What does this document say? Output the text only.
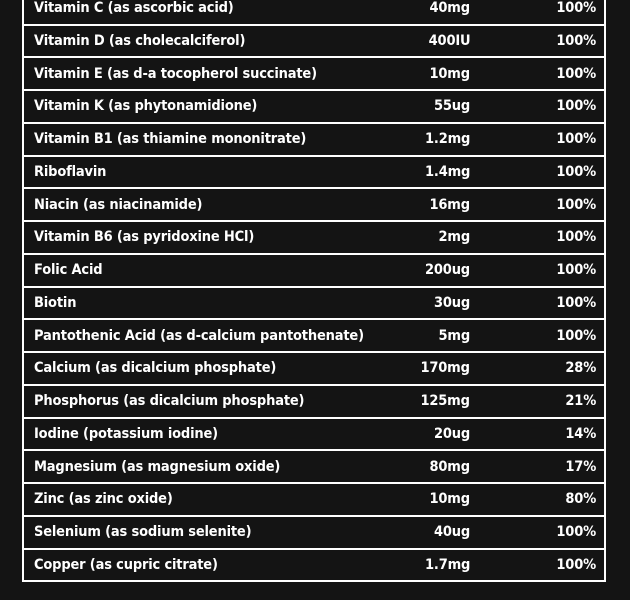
Vitamin C (as ascorbic acid)	40mg	100%
Vitamin D (as cholecalciferol)	400IU	100%
Vitamin E (as d-a tocopherol succinate)	10mg	100%
Vitamin K (as phytonamidione)	55ug	100%
Vitamin B1 (as thiamine mononitrate)	1.2mg	100%
Riboflavin	1.4mg	100%
Niacin (as niacinamide)	16mg	100%
Vitamin B6 (as pyridoxine HCl)	2mg	100%
Folic Acid	200ug	100%
Biotin	30ug	100%
Pantothenic Acid (as d-calcium pantothenate)	5mg	100%
Calcium (as dicalcium phosphate)	170mg	28%
Phosphorus (as dicalcium phosphate)	125mg	21%
Iodine (potassium iodine)	20ug	14%
Magnesium (as magnesium oxide)	80mg	17%
Zinc (as zinc oxide)	10mg	80%
Selenium (as sodium selenite)	40ug	100%
Copper (as cupric citrate)	1.7mg	100%
